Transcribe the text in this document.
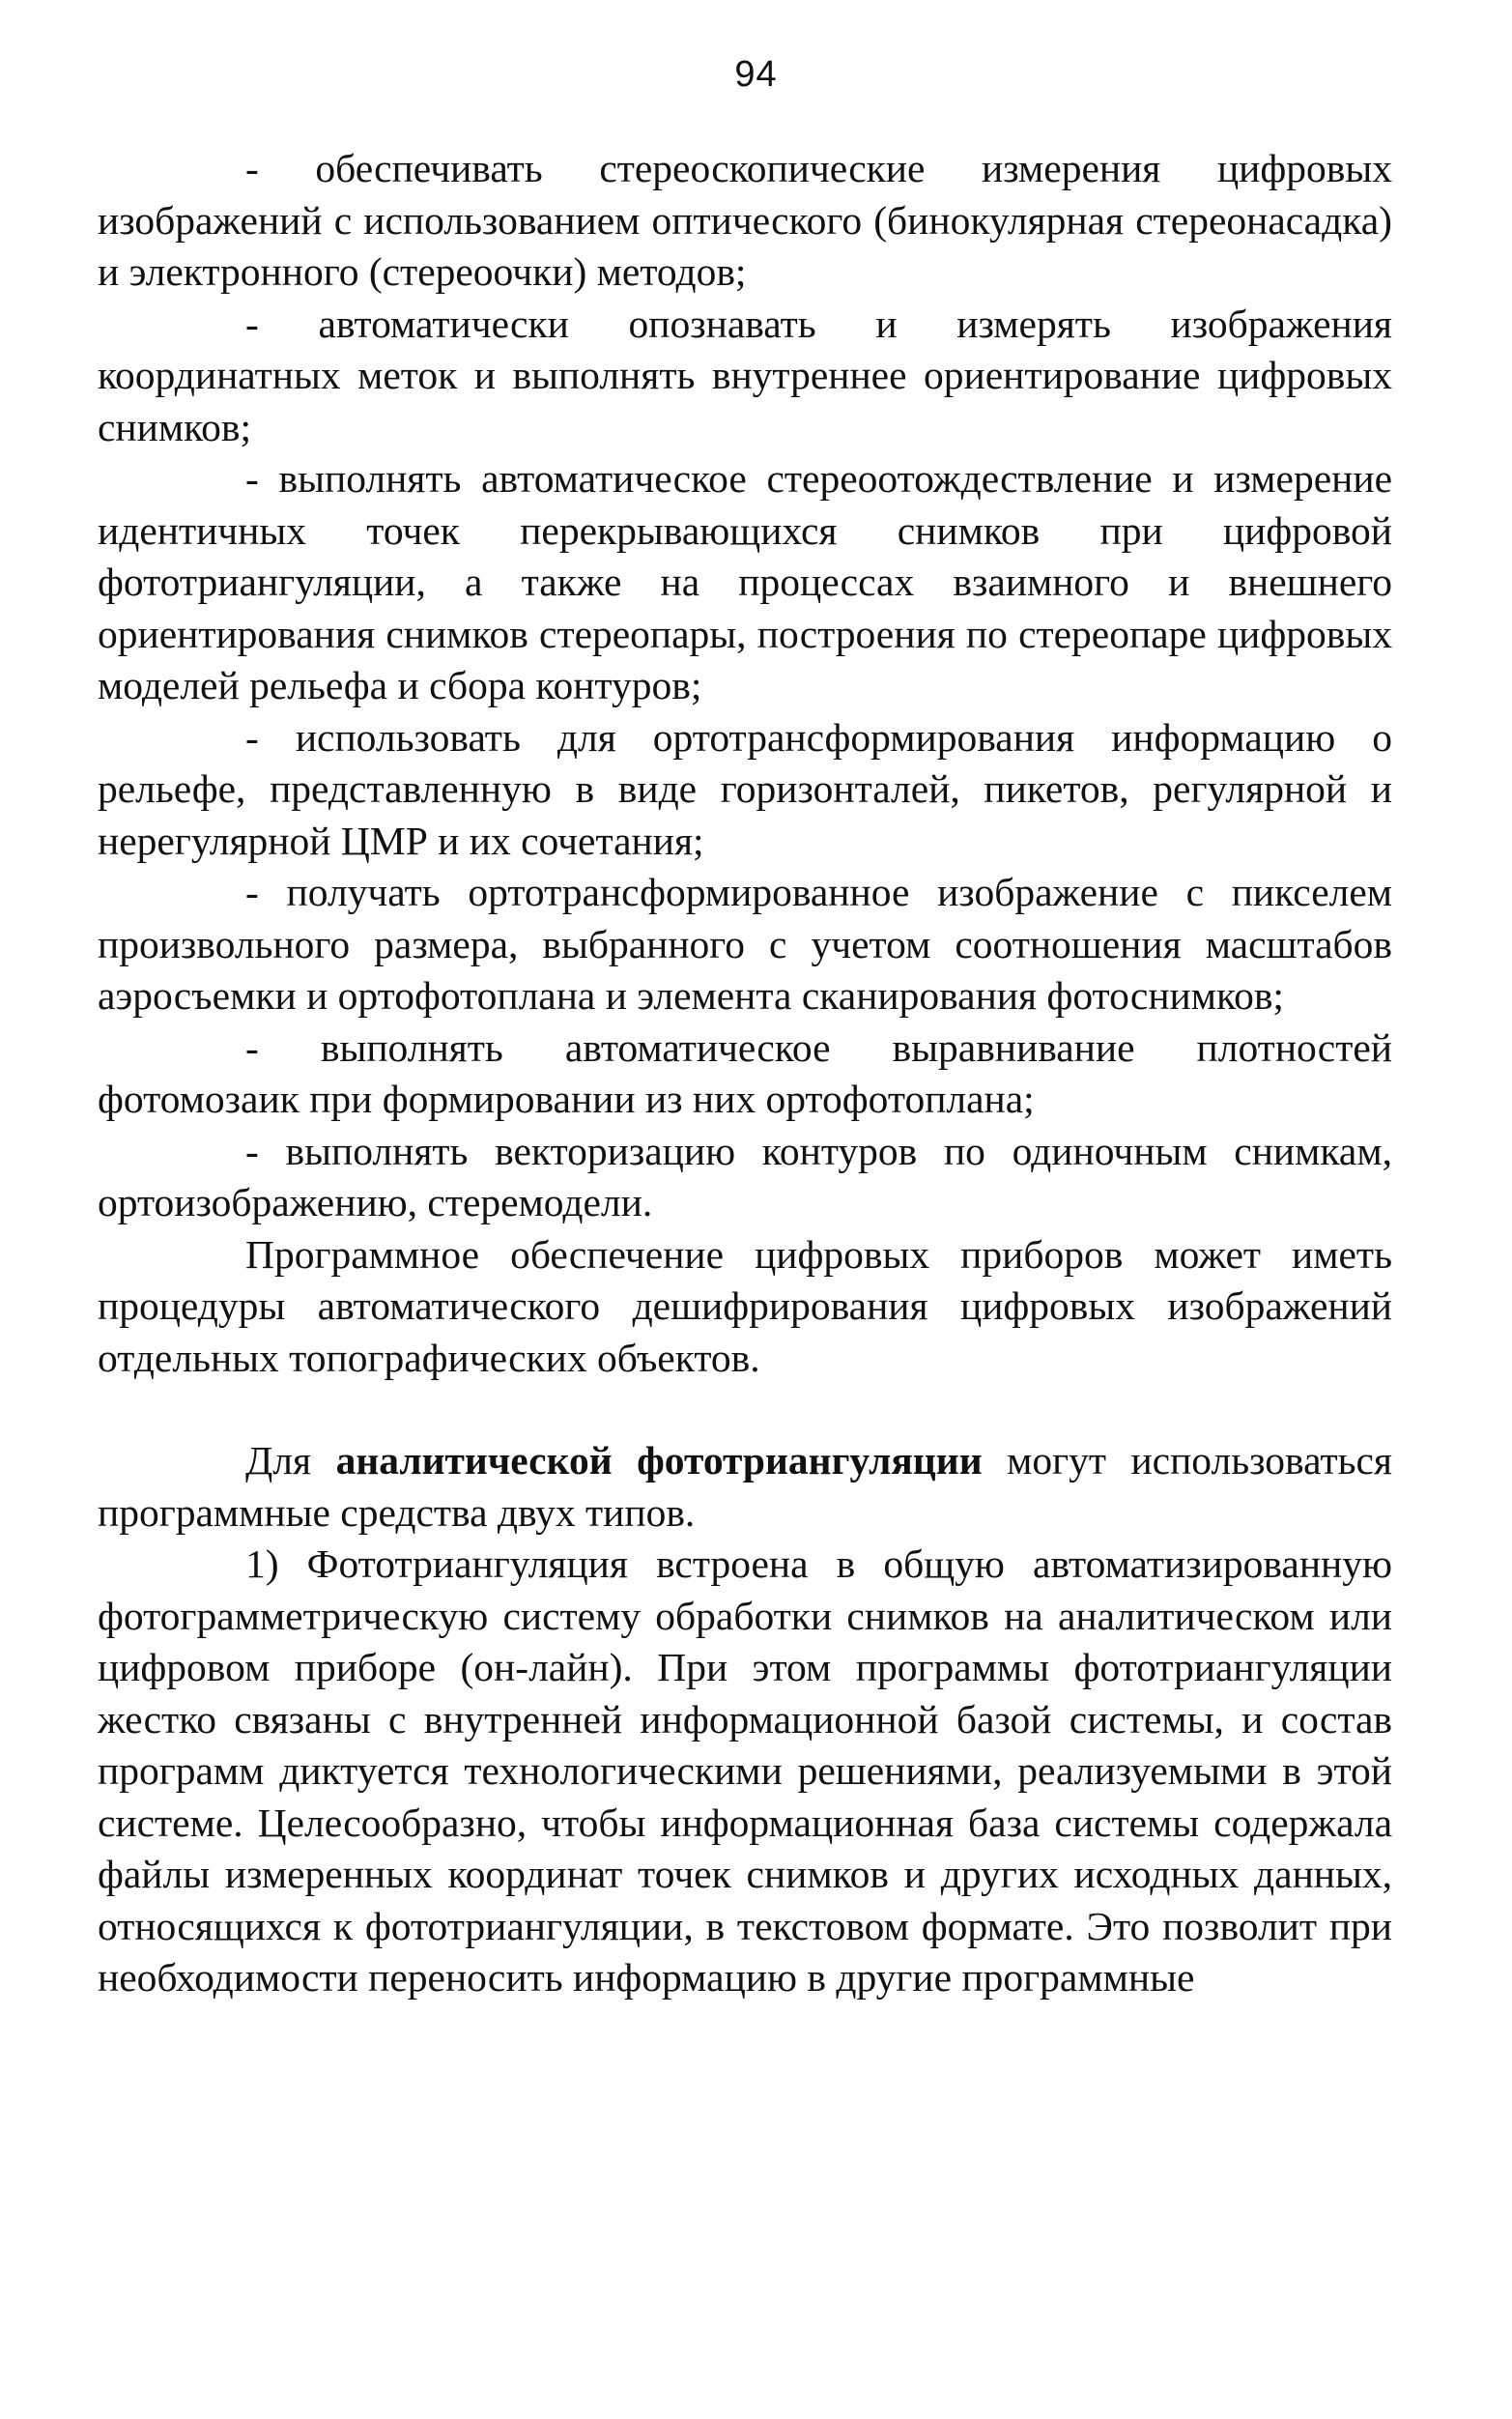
94

- обеспечивать стереоскопические измерения цифровых изображений с использованием оптического (бинокулярная стереонасадка) и электронного (стереоочки) методов;

- автоматически опознавать и измерять изображения координатных меток и выполнять внутреннее ориентирование цифровых снимков;

- выполнять автоматическое стереоотождествление и измерение идентичных точек перекрывающихся снимков при цифровой фототриангуляции, а также на процессах взаимного и внешнего ориентирования снимков стереопары, построения по стереопаре цифровых моделей рельефа и сбора контуров;

- использовать для ортотрансформирования информацию о рельефе, представленную в виде горизонталей, пикетов, регулярной и нерегулярной ЦМР и их сочетания;

- получать ортотрансформированное изображение с пикселем произвольного размера, выбранного с учетом соотношения масштабов аэросъемки и ортофотоплана и элемента сканирования фотоснимков;

- выполнять автоматическое выравнивание плотностей фотомозаик при формировании из них ортофотоплана;

- выполнять векторизацию контуров по одиночным снимкам, ортоизображению, стеремодели.

Программное обеспечение цифровых приборов может иметь процедуры автоматического дешифрирования цифровых изображений отдельных топографических объектов.

Для аналитической фототриангуляции могут использоваться программные средства двух типов.

1) Фототриангуляция встроена в общую автоматизированную фотограмметрическую систему обработки снимков на аналитическом или цифровом приборе (он-лайн). При этом программы фототриангуляции жестко связаны с внутренней информационной базой системы, и состав программ диктуется технологическими решениями, реализуемыми в этой системе. Целесообразно, чтобы информационная база системы содержала файлы измеренных координат точек снимков и других исходных данных, относящихся к фототриангуляции, в текстовом формате. Это позволит при необходимости переносить информацию в другие программные
